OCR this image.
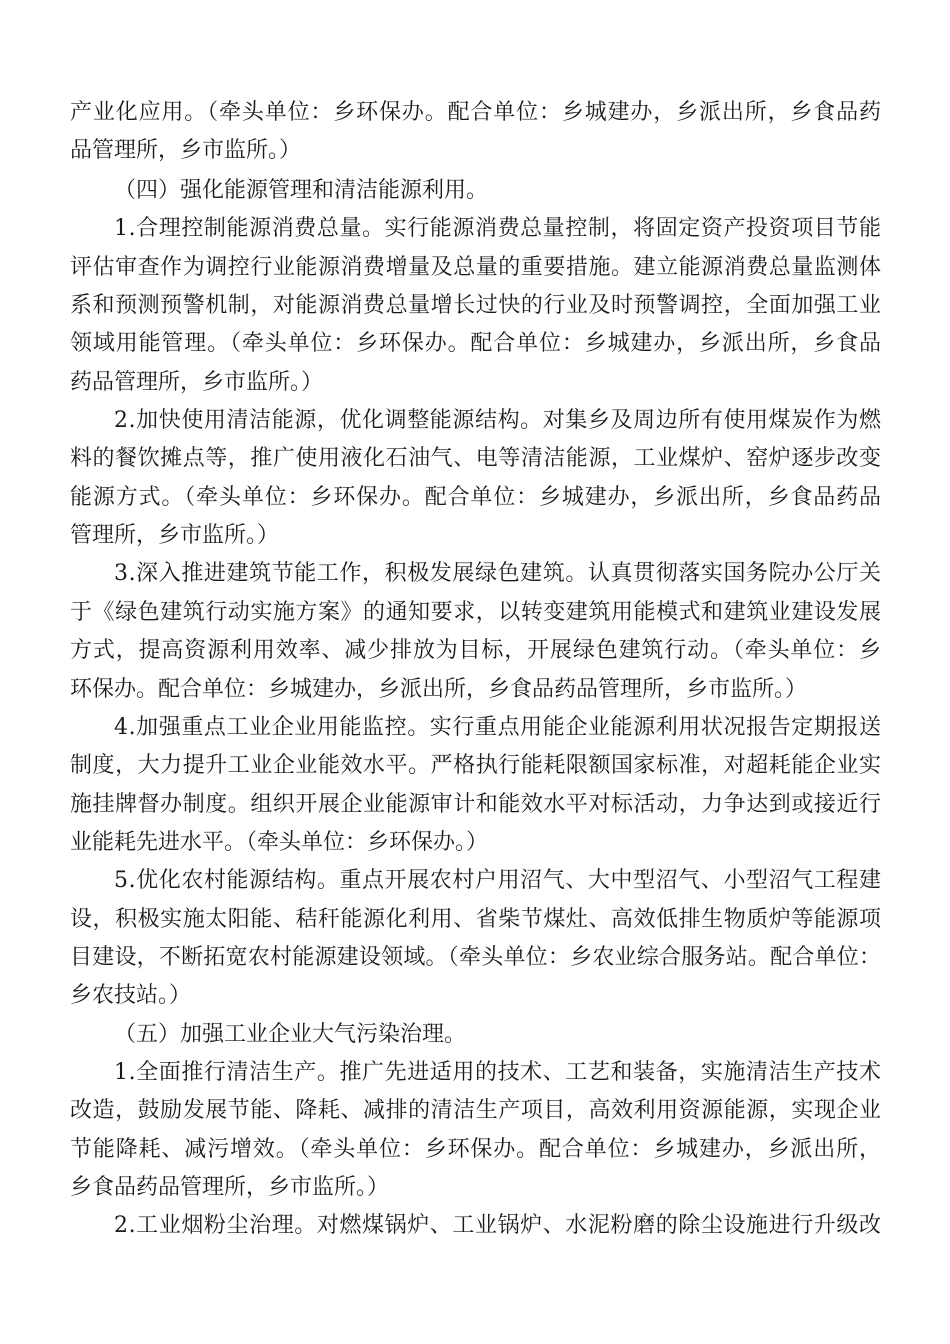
产业化应用。（牵头单位：乡环保办。配合单位：乡城建办，乡派出所，乡食品药
品管理所，乡市监所。）
（四）强化能源管理和清洁能源利用。
1.合理控制能源消费总量。实行能源消费总量控制，将固定资产投资项目节能
评估审查作为调控行业能源消费增量及总量的重要措施。建立能源消费总量监测体
系和预测预警机制，对能源消费总量增长过快的行业及时预警调控，全面加强工业
领域用能管理。（牵头单位：乡环保办。配合单位：乡城建办，乡派出所，乡食品
药品管理所，乡市监所。）
2.加快使用清洁能源，优化调整能源结构。对集乡及周边所有使用煤炭作为燃
料的餐饮摊点等，推广使用液化石油气、电等清洁能源，工业煤炉、窑炉逐步改变
能源方式。（牵头单位：乡环保办。配合单位：乡城建办，乡派出所，乡食品药品
管理所，乡市监所。）
3.深入推进建筑节能工作，积极发展绿色建筑。认真贯彻落实国务院办公厅关
于《绿色建筑行动实施方案》的通知要求，以转变建筑用能模式和建筑业建设发展
方式，提高资源利用效率、减少排放为目标，开展绿色建筑行动。（牵头单位：乡
环保办。配合单位：乡城建办，乡派出所，乡食品药品管理所，乡市监所。）
4.加强重点工业企业用能监控。实行重点用能企业能源利用状况报告定期报送
制度，大力提升工业企业能效水平。严格执行能耗限额国家标准，对超耗能企业实
施挂牌督办制度。组织开展企业能源审计和能效水平对标活动，力争达到或接近行
业能耗先进水平。（牵头单位：乡环保办。）
5.优化农村能源结构。重点开展农村户用沼气、大中型沼气、小型沼气工程建
设，积极实施太阳能、秸秆能源化利用、省柴节煤灶、高效低排生物质炉等能源项
目建设，不断拓宽农村能源建设领域。（牵头单位：乡农业综合服务站。配合单位：
乡农技站。）
（五）加强工业企业大气污染治理。
1.全面推行清洁生产。推广先进适用的技术、工艺和装备，实施清洁生产技术
改造，鼓励发展节能、降耗、减排的清洁生产项目，高效利用资源能源，实现企业
节能降耗、减污增效。（牵头单位：乡环保办。配合单位：乡城建办，乡派出所，
乡食品药品管理所，乡市监所。）
2.工业烟粉尘治理。对燃煤锅炉、工业锅炉、水泥粉磨的除尘设施进行升级改
